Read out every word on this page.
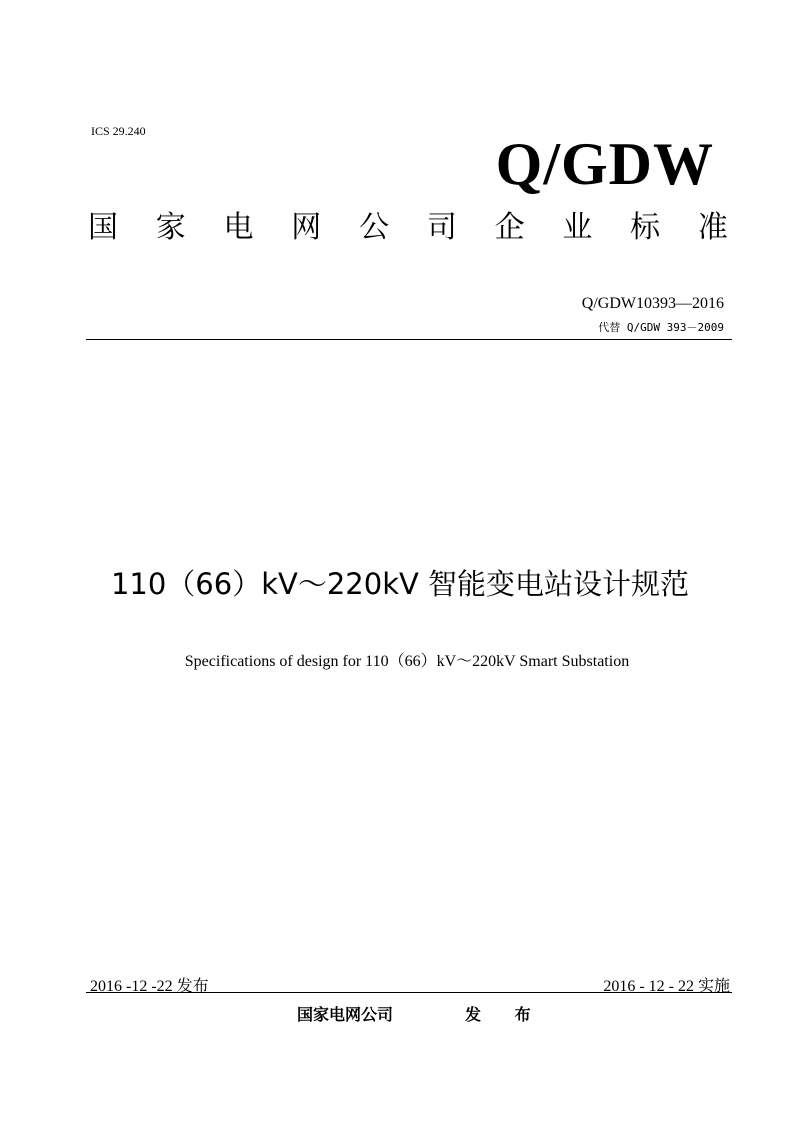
ICS 29.240	Q/GDW
国 家 电 网 公 司 企 业 标 准
Q/GDW10393—2016
代替 Q/GDW 393－2009
110（66）kV～220kV 智能变电站设计规范
Specifications of design for 110（66）kV～220kV Smart Substation
2016 -12 -22 发布	2016 - 12 - 22 实施
国家电网公司	发 布
